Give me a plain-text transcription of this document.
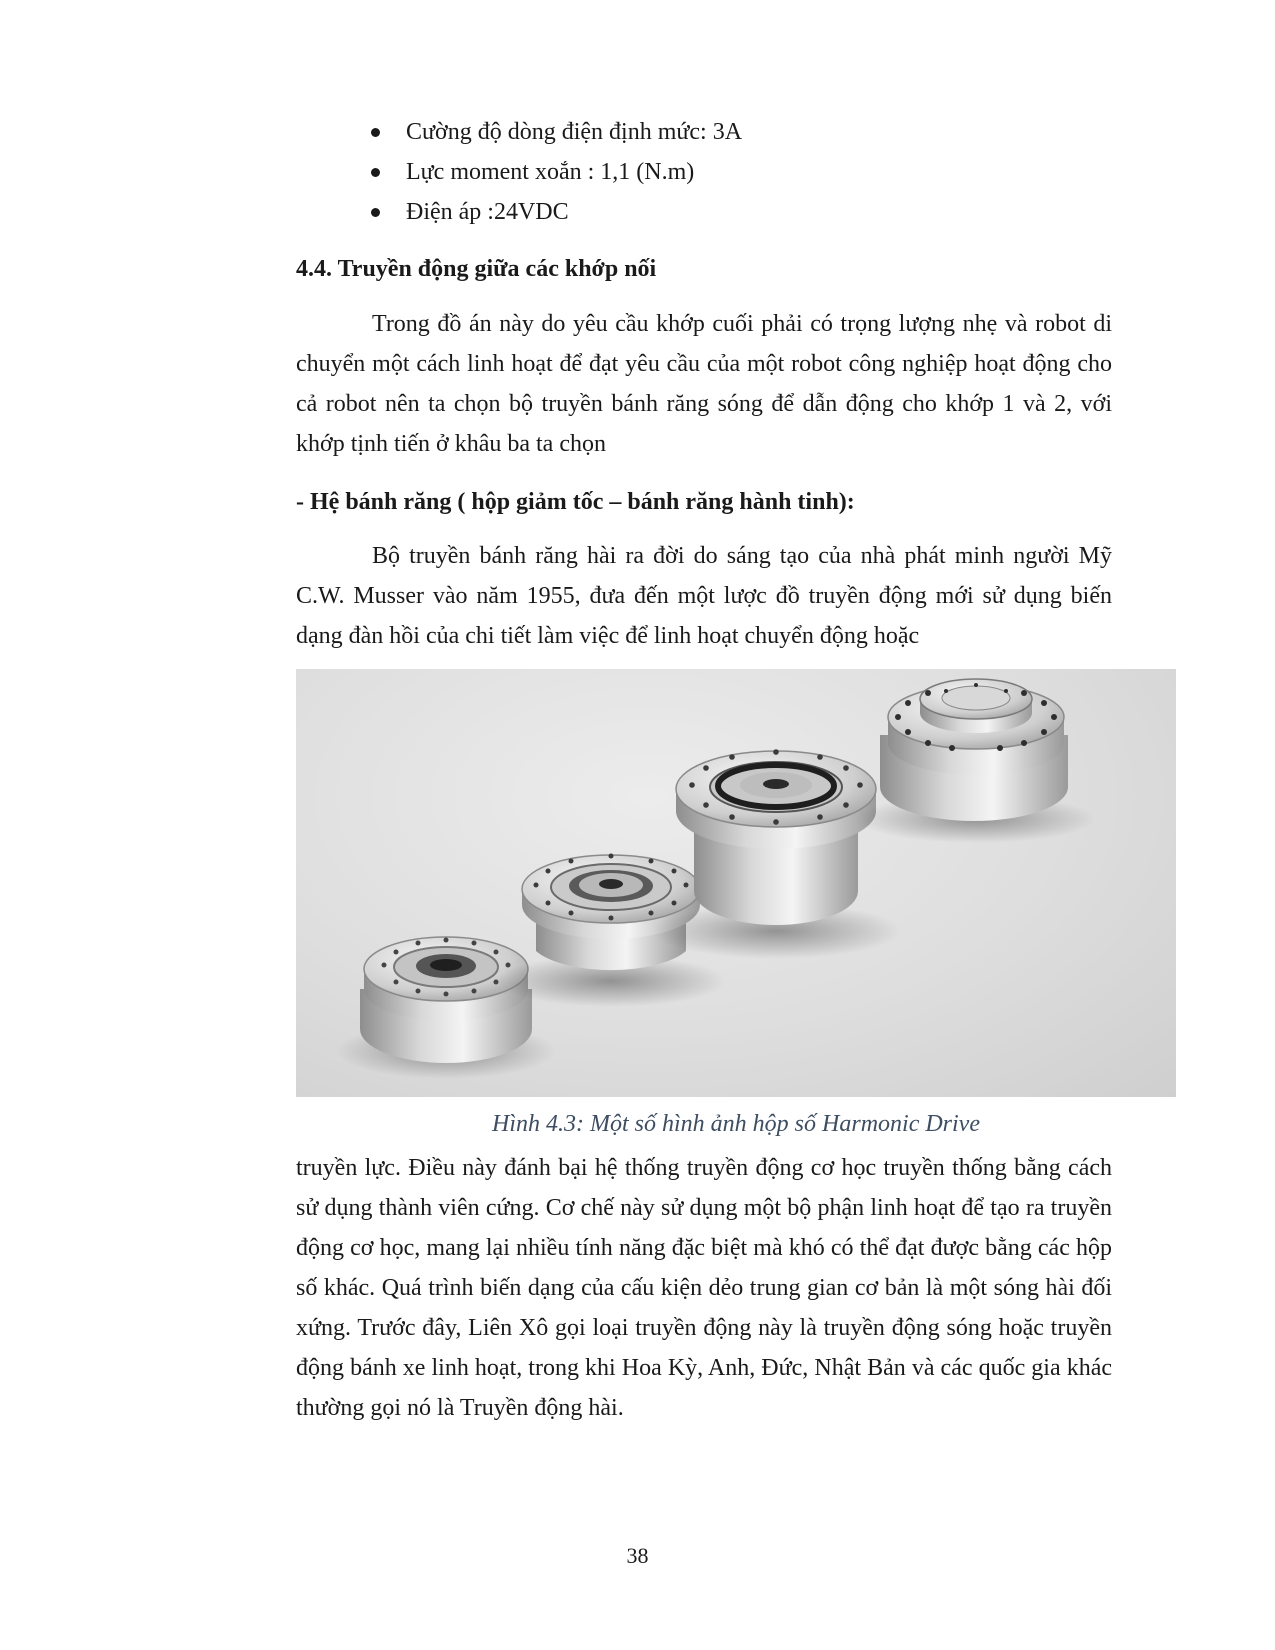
Cường độ dòng điện định mức: 3A
Lực moment xoắn : 1,1 (N.m)
Điện áp :24VDC
4.4. Truyền động giữa các khớp nối

Trong đồ án này do yêu cầu khớp cuối phải có trọng lượng nhẹ và robot di chuyển một cách linh hoạt để đạt yêu cầu của một robot công nghiệp hoạt động cho cả robot nên ta chọn bộ truyền bánh răng sóng để dẫn động cho khớp 1 và 2, với khớp tịnh tiến ở khâu ba ta chọn

- Hệ bánh răng ( hộp giảm tốc – bánh răng hành tinh):

Bộ truyền bánh răng hài ra đời do sáng tạo của nhà phát minh người Mỹ C.W. Musser vào năm 1955, đưa đến một lược đồ truyền động mới sử dụng biến dạng đàn hồi của chi tiết làm việc để linh hoạt chuyển động hoặc

Hình 4.3: Một số hình ảnh hộp số Harmonic Drive

truyền lực. Điều này đánh bại hệ thống truyền động cơ học truyền thống bằng cách sử dụng thành viên cứng. Cơ chế này sử dụng một bộ phận linh hoạt để tạo ra truyền động cơ học, mang lại nhiều tính năng đặc biệt mà khó có thể đạt được bằng các hộp số khác. Quá trình biến dạng của cấu kiện dẻo trung gian cơ bản là một sóng hài đối xứng. Trước đây, Liên Xô gọi loại truyền động này là truyền động sóng hoặc truyền động bánh xe linh hoạt, trong khi Hoa Kỳ, Anh, Đức, Nhật Bản và các quốc gia khác thường gọi nó là Truyền động hài.

38
